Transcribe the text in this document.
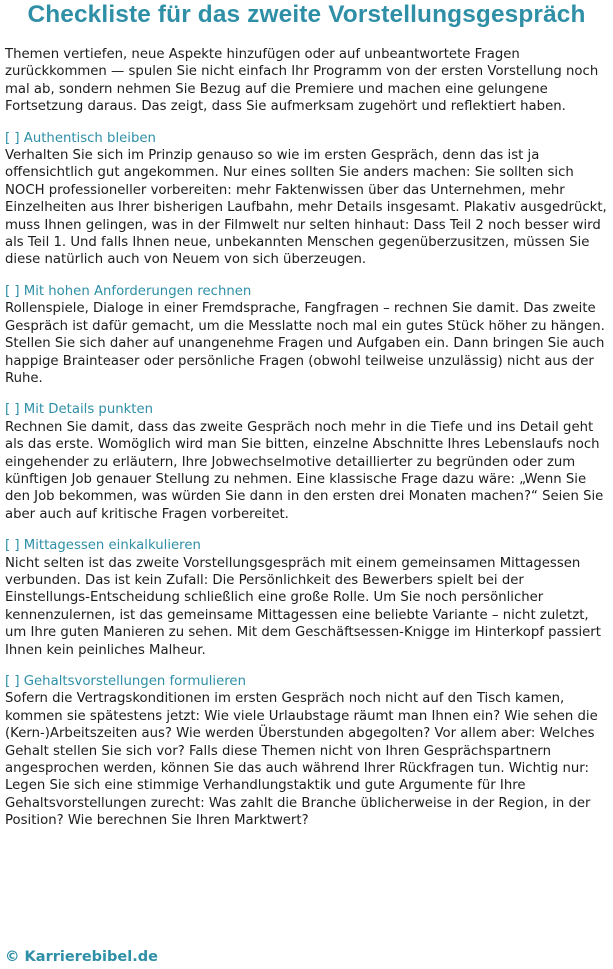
Checkliste für das zweite Vorstellungsgespräch

Themen vertiefen, neue Aspekte hinzufügen oder auf unbeantwortete Fragen zurückkommen — spulen Sie nicht einfach Ihr Programm von der ersten Vorstellung noch mal ab, sondern nehmen Sie Bezug auf die Premiere und machen eine gelungene Fortsetzung daraus. Das zeigt, dass Sie aufmerksam zugehört und reflektiert haben.

[ ] Authentisch bleiben

Verhalten Sie sich im Prinzip genauso so wie im ersten Gespräch, denn das ist ja offensichtlich gut angekommen. Nur eines sollten Sie anders machen: Sie sollten sich NOCH professioneller vorbereiten: mehr Faktenwissen über das Unternehmen, mehr Einzelheiten aus Ihrer bisherigen Laufbahn, mehr Details insgesamt. Plakativ ausgedrückt, muss Ihnen gelingen, was in der Filmwelt nur selten hinhaut: Dass Teil 2 noch besser wird als Teil 1. Und falls Ihnen neue, unbekannten Menschen gegenüberzusitzen, müssen Sie diese natürlich auch von Neuem von sich überzeugen.

[ ] Mit hohen Anforderungen rechnen

Rollenspiele, Dialoge in einer Fremdsprache, Fangfragen – rechnen Sie damit. Das zweite Gespräch ist dafür gemacht, um die Messlatte noch mal ein gutes Stück höher zu hängen. Stellen Sie sich daher auf unangenehme Fragen und Aufgaben ein. Dann bringen Sie auch happige Brainteaser oder persönliche Fragen (obwohl teilweise unzulässig) nicht aus der Ruhe.

[ ] Mit Details punkten

Rechnen Sie damit, dass das zweite Gespräch noch mehr in die Tiefe und ins Detail geht als das erste. Womöglich wird man Sie bitten, einzelne Abschnitte Ihres Lebenslaufs noch eingehender zu erläutern, Ihre Jobwechselmotive detaillierter zu begründen oder zum künftigen Job genauer Stellung zu nehmen. Eine klassische Frage dazu wäre: „Wenn Sie den Job bekommen, was würden Sie dann in den ersten drei Monaten machen?“ Seien Sie aber auch auf kritische Fragen vorbereitet.

[ ] Mittagessen einkalkulieren

Nicht selten ist das zweite Vorstellungsgespräch mit einem gemeinsamen Mittagessen verbunden. Das ist kein Zufall: Die Persönlichkeit des Bewerbers spielt bei der Einstellungs-Entscheidung schließlich eine große Rolle. Um Sie noch persönlicher kennenzulernen, ist das gemeinsame Mittagessen eine beliebte Variante – nicht zuletzt, um Ihre guten Manieren zu sehen. Mit dem Geschäftsessen-Knigge im Hinterkopf passiert Ihnen kein peinliches Malheur.

[ ] Gehaltsvorstellungen formulieren

Sofern die Vertragskonditionen im ersten Gespräch noch nicht auf den Tisch kamen, kommen sie spätestens jetzt: Wie viele Urlaubstage räumt man Ihnen ein? Wie sehen die (Kern-)Arbeitszeiten aus? Wie werden Überstunden abgegolten? Vor allem aber: Welches Gehalt stellen Sie sich vor? Falls diese Themen nicht von Ihren Gesprächspartnern angesprochen werden, können Sie das auch während Ihrer Rückfragen tun. Wichtig nur: Legen Sie sich eine stimmige Verhandlungstaktik und gute Argumente für Ihre Gehaltsvorstellungen zurecht: Was zahlt die Branche üblicherweise in der Region, in der Position? Wie berechnen Sie Ihren Marktwert?

© Karrierebibel.de
